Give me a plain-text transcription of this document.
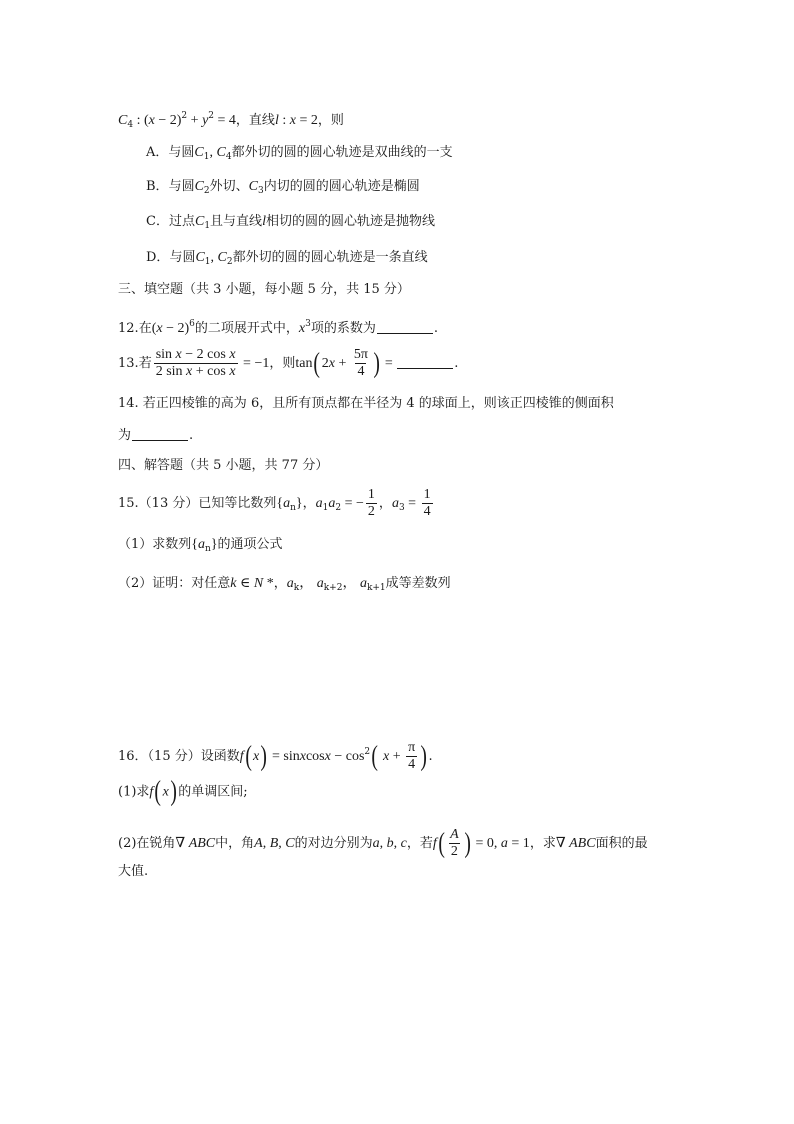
$C_4$ : $(x - 2)^2 + y^2 = 4$，直线l : x = 2，则
A．与圆$C_1$, $C_4$都外切的圆的圆心轨迹是双曲线的一支
B．与圆$C_2$外切、$C_3$内切的圆的圆心轨迹是椭圆
C．过点$C_1$且与直线l相切的圆的圆心轨迹是抛物线
D．与圆$C_1$, $C_2$都外切的圆的圆心轨迹是一条直线
三、填空题（共 3 小题，每小题 5 分，共 15 分）
12.在$(x - 2)^6$的二项展开式中，$x^3$项的系数为	.
13.若 $\frac{\text{sin x − 2 cos x}}{\text{2 sin x + cos x}} = -1$，则$\tan(2x + \frac{5\pi}{4}$ ) =	.
14. 若正四棱锥的高为 6，且所有顶点都在半径为 4 的球面上，则该正四棱锥的侧面积
为	.
四、解答题（共 5 小题，共 77 分）
15.（13 分）已知等比数列$\{a_n\}$，$a_1a_2$ = − $\frac{1}{2}$ ，$a_3 = \frac{1}{4}$
（1）求数列$\{a_n\}$的通项公式
（2）证明：对任意k ∈ N *，$a_k$， $a_{k+2}$， $a_{k+1}$成等差数列
16．（15 分）设函数f(x) = sinxcosx − $\cos^2$( $x + \frac{\pi}{4}$ ).
(1)求f(x)的单调区间;
(2)在锐角∇ ABC中，角A, B, C的对边分别为a, b, c，若$f( \frac{A}{2}$ ) = 0, a = 1，求∇ ABC面积的最
大值.
